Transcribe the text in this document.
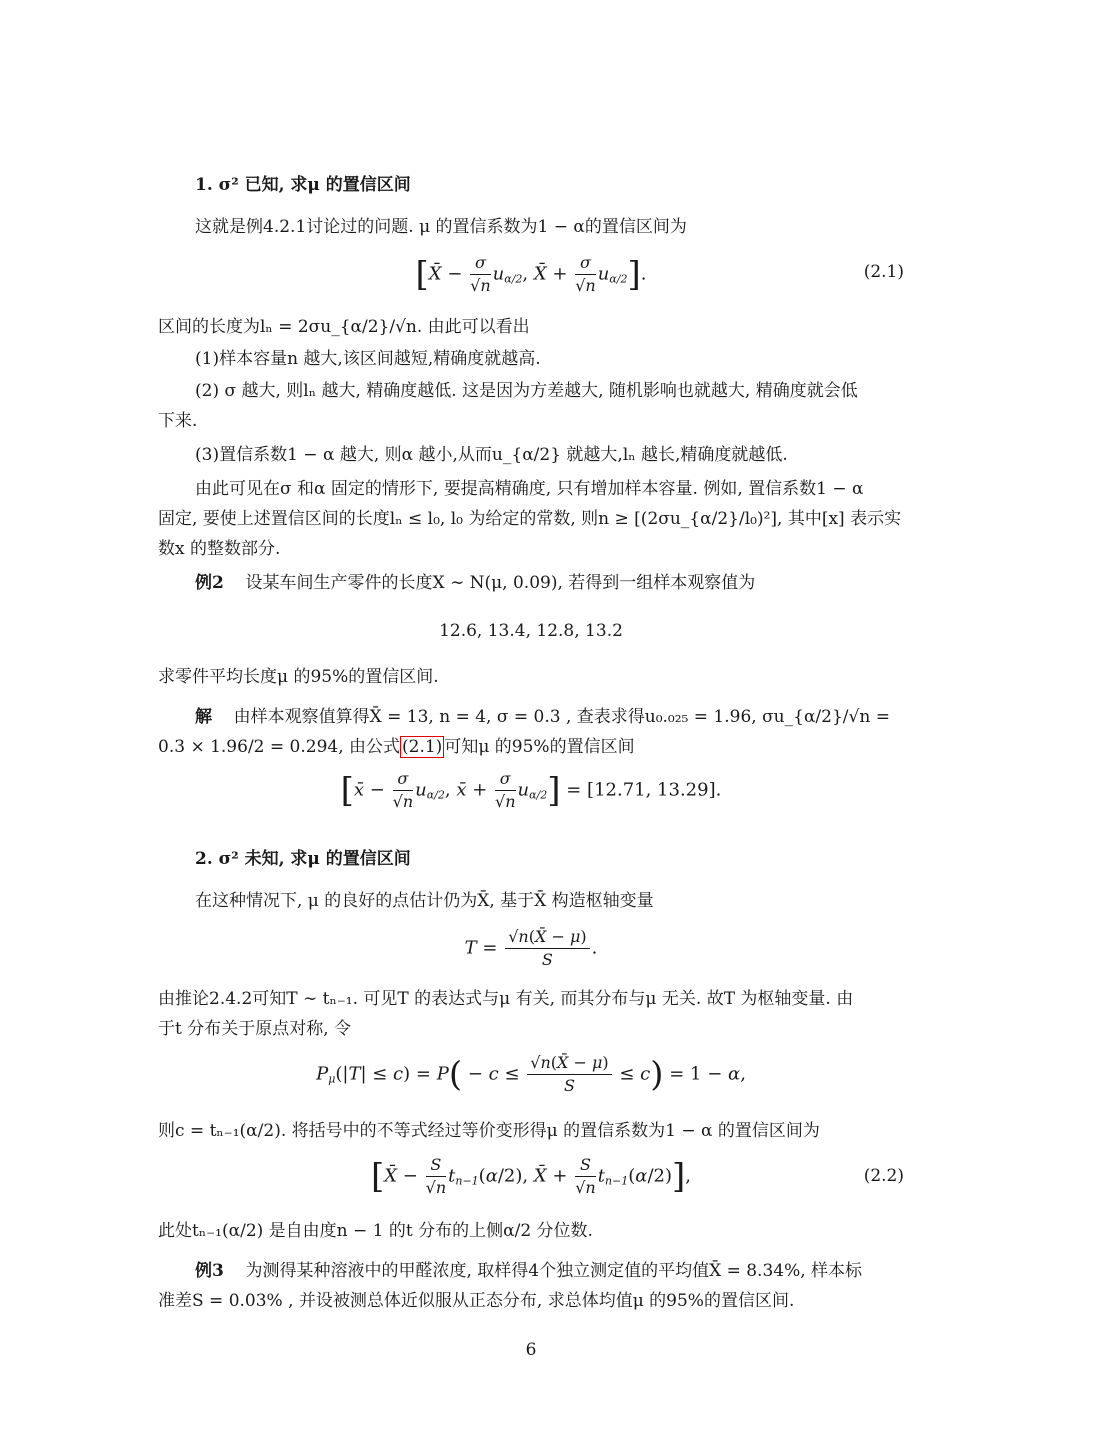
1. σ² 已知, 求μ 的置信区间
这就是例4.2.1讨论过的问题. μ 的置信系数为1 − α的置信区间为
[X̄ − $\frac{\sigma}{√n} u_{\alpha/2}$, X̄ + $\frac{\sigma}{√n} u_{\alpha/2}$].	(2.1)
区间的长度为lₙ = 2σu_{α/2}/√n. 由此可以看出
(1)样本容量n 越大,该区间越短,精确度就越高.
(2) σ 越大, 则lₙ 越大, 精确度越低. 这是因为方差越大, 随机影响也就越大, 精确度就会低
下来.
(3)置信系数1 − α 越大, 则α 越小,从而u_{α/2} 就越大,lₙ 越长,精确度就越低.
由此可见在σ 和α 固定的情形下, 要提高精确度, 只有增加样本容量. 例如, 置信系数1 − α
固定, 要使上述置信区间的长度lₙ ≤ l₀, l₀ 为给定的常数, 则n ≥ [(2σu_{α/2}/l₀)²], 其中[x] 表示实
数x 的整数部分.
例2 设某车间生产零件的长度X ∼ N(μ, 0.09), 若得到一组样本观察值为
12.6, 13.4, 12.8, 13.2
求零件平均长度μ 的95%的置信区间.
解 由样本观察值算得X̄ = 13, n = 4, σ = 0.3 , 查表求得u₀.₀₂₅ = 1.96, σu_{α/2}/√n =
0.3 × 1.96/2 = 0.294, 由公式 (2.1) 可知μ 的95%的置信区间
[x̄ − $\frac{\sigma}{√n} u_{\alpha/2}$, x̄ + $\frac{\sigma}{√n} u_{\alpha/2}] = [12.71$, 13.29].
2. σ² 未知, 求μ 的置信区间
在这种情况下, μ 的良好的点估计仍为X̄, 基于X̄ 构造枢轴变量
$T = \frac{√n(X̄ - \mu)}{S}$ .
由推论2.4.2可知T ∼ tₙ₋₁. 可见T 的表达式与μ 有关, 而其分布与μ 无关. 故T 为枢轴变量. 由
于t 分布关于原点对称, 令
$P_\mu(|T| \le c) = P( - c \le \frac{√n(X̄ - \mu)}{S} \le c) = 1 - \alpha$,
则c = tₙ₋₁(α/2). 将括号中的不等式经过等价变形得μ 的置信系数为1 − α 的置信区间为
[X̄ − $\frac{S}{√n} t_{n-1}(\alpha/2)$, X̄ + $\frac{S}{√n} t_{n-1}(\alpha/2)$],	(2.2)
此处tₙ₋₁(α/2) 是自由度n − 1 的t 分布的上侧α/2 分位数.
例3 为测得某种溶液中的甲醛浓度, 取样得4个独立测定值的平均值X̄ = 8.34%, 样本标
准差S = 0.03% , 并设被测总体近似服从正态分布, 求总体均值μ 的95%的置信区间.
6
